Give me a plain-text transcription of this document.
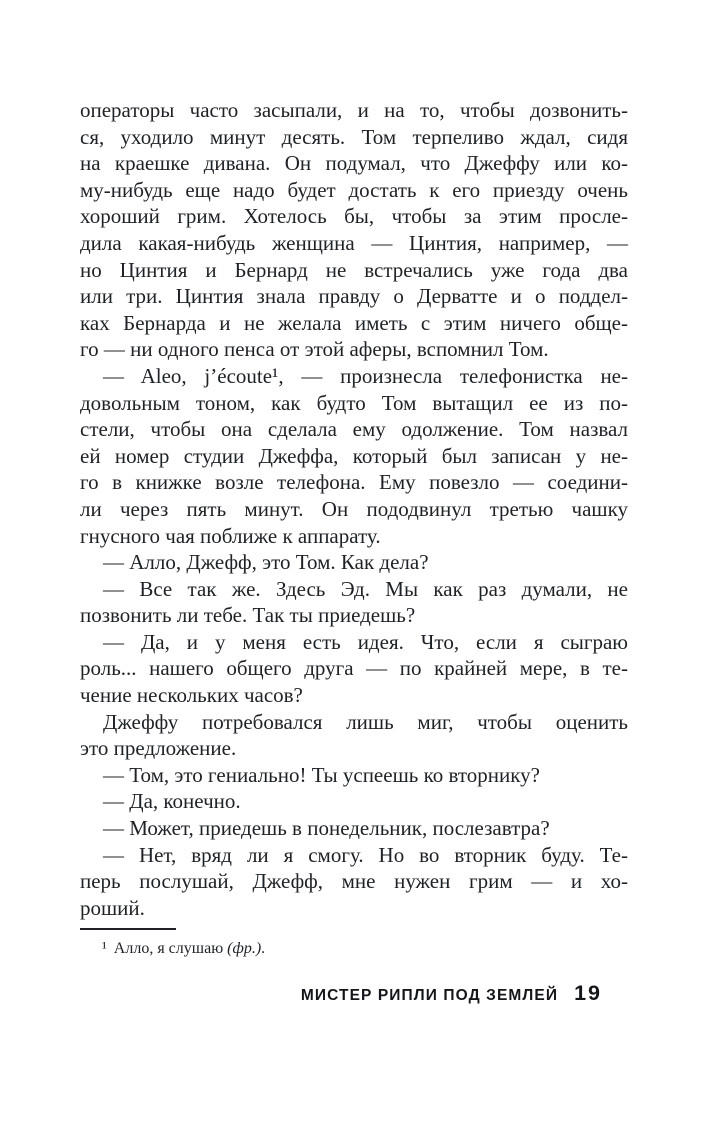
операторы часто засыпали, и на то, чтобы дозвонить-
ся, уходило минут десять. Том терпеливо ждал, сидя
на краешке дивана. Он подумал, что Джеффу или ко-
му-нибудь еще надо будет достать к его приезду очень
хороший грим. Хотелось бы, чтобы за этим просле-
дила какая-нибудь женщина — Цинтия, например, —
но Цинтия и Бернард не встречались уже года два
или три. Цинтия знала правду о Дерватте и о поддел-
ках Бернарда и не желала иметь с этим ничего обще-
го — ни одного пенса от этой аферы, вспомнил Том.

— Aleo, j’écoute¹, — произнесла телефонистка не-
довольным тоном, как будто Том вытащил ее из по-
стели, чтобы она сделала ему одолжение. Том назвал
ей номер студии Джеффа, который был записан у не-
го в книжке возле телефона. Ему повезло — соедини-
ли через пять минут. Он пододвинул третью чашку
гнусного чая поближе к аппарату.

— Алло, Джефф, это Том. Как дела?

— Все так же. Здесь Эд. Мы как раз думали, не
позвонить ли тебе. Так ты приедешь?

— Да, и у меня есть идея. Что, если я сыграю
роль... нашего общего друга — по крайней мере, в те-
чение нескольких часов?

Джеффу потребовался лишь миг, чтобы оценить
это предложение.

— Том, это гениально! Ты успеешь ко вторнику?

— Да, конечно.

— Может, приедешь в понедельник, послезавтра?

— Нет, вряд ли я смогу. Но во вторник буду. Те-
перь послушай, Джефф, мне нужен грим — и хо-
роший.

¹ Алло, я слушаю (фр.).
МИСТЕР РИПЛИ ПОД ЗЕМЛЕЙ 19
